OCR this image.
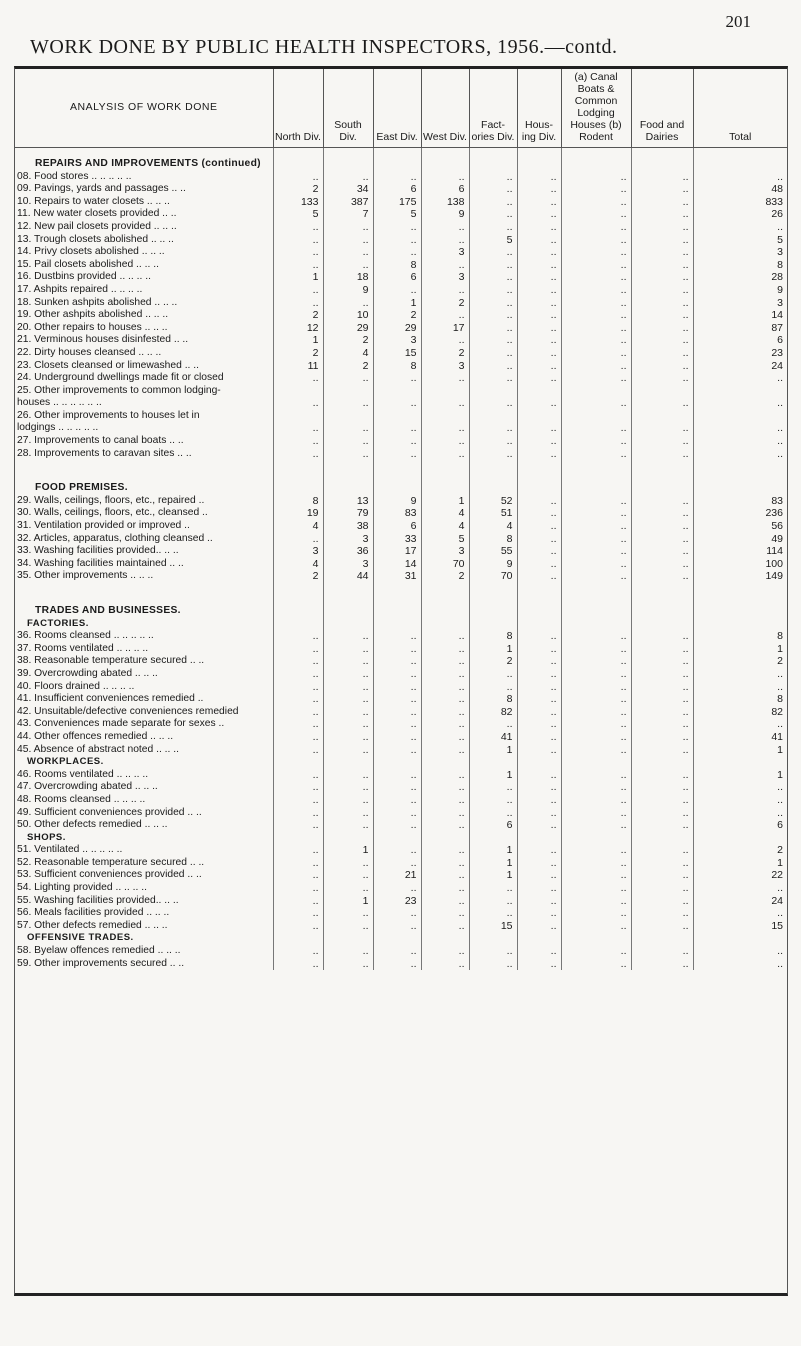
201
WORK DONE BY PUBLIC HEALTH INSPECTORS, 1956.—contd.
ANALYSIS OF WORK DONE	North Div.	South Div.	East Div.	West Div.	Fact- ories Div.	Hous- ing Div.	(a) Canal Boats & Common Lodging Houses (b) Rodent	Food and Dairies	Total

REPAIRS AND IMPROVEMENTS (continued)									
08. Food stores .. .. .. .. ..	..	..	..	..	..	..	..	..	..
09. Pavings, yards and passages .. ..	2	34	6	6	..	..	..	..	48
10. Repairs to water closets .. .. ..	133	387	175	138	..	..	..	..	833
11. New water closets provided .. ..	5	7	5	9	..	..	..	..	26
12. New pail closets provided .. .. ..	..	..	..	..	..	..	..	..	..
13. Trough closets abolished .. .. ..	..	..	..	..	5	..	..	..	5
14. Privy closets abolished .. .. ..	..	..	..	3	..	..	..	..	3
15. Pail closets abolished .. .. ..	..	..	8	..	..	..	..	..	8
16. Dustbins provided .. .. .. ..	1	18	6	3	..	..	..	..	28
17. Ashpits repaired .. .. .. ..	..	9	..	..	..	..	..	..	9
18. Sunken ashpits abolished .. .. ..	..	..	1	2	..	..	..	..	3
19. Other ashpits abolished .. .. ..	2	10	2	..	..	..	..	..	14
20. Other repairs to houses .. .. ..	12	29	29	17	..	..	..	..	87
21. Verminous houses disinfested .. ..	1	2	3	..	..	..	..	..	6
22. Dirty houses cleansed .. .. ..	2	4	15	2	..	..	..	..	23
23. Closets cleansed or limewashed .. ..	11	2	8	3	..	..	..	..	24
24. Underground dwellings made fit or closed	..	..	..	..	..	..	..	..	..
25. Other improvements to common lodging-									
houses .. .. .. .. .. ..	..	..	..	..	..	..	..	..	..
26. Other improvements to houses let in									
lodgings .. .. .. .. ..	..	..	..	..	..	..	..	..	..
27. Improvements to canal boats .. ..	..	..	..	..	..	..	..	..	..
28. Improvements to caravan sites .. ..	..	..	..	..	..	..	..	..	..

FOOD PREMISES.									
29. Walls, ceilings, floors, etc., repaired ..	8	13	9	1	52	..	..	..	83
30. Walls, ceilings, floors, etc., cleansed ..	19	79	83	4	51	..	..	..	236
31. Ventilation provided or improved ..	4	38	6	4	4	..	..	..	56
32. Articles, apparatus, clothing cleansed ..	..	3	33	5	8	..	..	..	49
33. Washing facilities provided.. .. ..	3	36	17	3	55	..	..	..	114
34. Washing facilities maintained .. ..	4	3	14	70	9	..	..	..	100
35. Other improvements .. .. ..	2	44	31	2	70	..	..	..	149

TRADES AND BUSINESSES.									
FACTORIES.									
36. Rooms cleansed .. .. .. .. ..	..	..	..	..	8	..	..	..	8
37. Rooms ventilated .. .. .. ..	..	..	..	..	1	..	..	..	1
38. Reasonable temperature secured .. ..	..	..	..	..	2	..	..	..	2
39. Overcrowding abated .. .. ..	..	..	..	..	..	..	..	..	..
40. Floors drained .. .. .. ..	..	..	..	..	..	..	..	..	..
41. Insufficient conveniences remedied ..	..	..	..	..	8	..	..	..	8
42. Unsuitable/defective conveniences remedied	..	..	..	..	82	..	..	..	82
43. Conveniences made separate for sexes ..	..	..	..	..	..	..	..	..	..
44. Other offences remedied .. .. ..	..	..	..	..	41	..	..	..	41
45. Absence of abstract noted .. .. ..	..	..	..	..	1	..	..	..	1
WORKPLACES.									
46. Rooms ventilated .. .. .. ..	..	..	..	..	1	..	..	..	1
47. Overcrowding abated .. .. ..	..	..	..	..	..	..	..	..	..
48. Rooms cleansed .. .. .. ..	..	..	..	..	..	..	..	..	..
49. Sufficient conveniences provided .. ..	..	..	..	..	..	..	..	..	..
50. Other defects remedied .. .. ..	..	..	..	..	6	..	..	..	6
SHOPS.									
51. Ventilated .. .. .. .. ..	..	1	..	..	1	..	..	..	2
52. Reasonable temperature secured .. ..	..	..	..	..	1	..	..	..	1
53. Sufficient conveniences provided .. ..	..	..	21	..	1	..	..	..	22
54. Lighting provided .. .. .. ..	..	..	..	..	..	..	..	..	..
55. Washing facilities provided.. .. ..	..	1	23	..	..	..	..	..	24
56. Meals facilities provided .. .. ..	..	..	..	..	..	..	..	..	..
57. Other defects remedied .. .. ..	..	..	..	..	15	..	..	..	15
OFFENSIVE TRADES.									
58. Byelaw offences remedied .. .. ..	..	..	..	..	..	..	..	..	..
59. Other improvements secured .. ..	..	..	..	..	..	..	..	..	..
